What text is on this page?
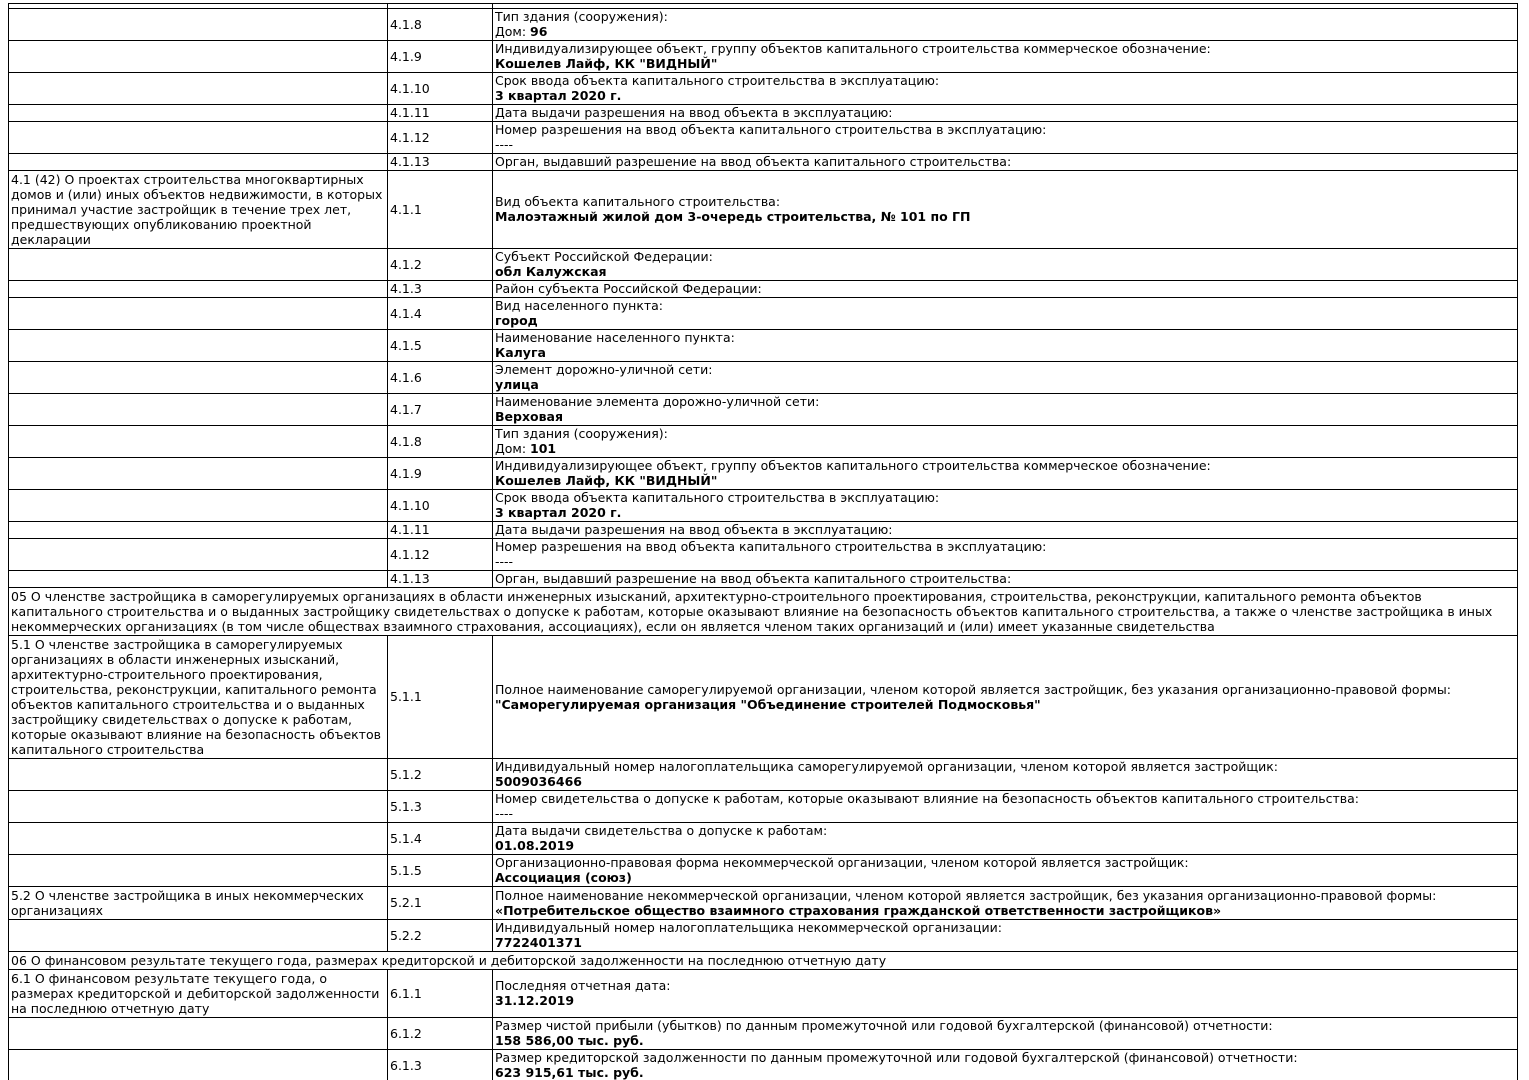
	4.1.8	Тип здания (сооружения):
Дом: 96

	4.1.9	Индивидуализирующее объект, группу объектов капитального строительства коммерческое обозначение:
Кошелев Лайф, КК "ВИДНЫЙ"

	4.1.10	Срок ввода объекта капитального строительства в эксплуатацию:
3 квартал 2020 г.

	4.1.11	Дата выдачи разрешения на ввод объекта в эксплуатацию:

	4.1.12	Номер разрешения на ввод объекта капитального строительства в эксплуатацию:
----

	4.1.13	Орган, выдавший разрешение на ввод объекта капитального строительства:

4.1 (42) О проектах строительства многоквартирных домов и (или) иных объектов недвижимости, в которых принимал участие застройщик в течение трех лет, предшествующих опубликованию проектной декларации	4.1.1	Вид объекта капитального строительства:
Малоэтажный жилой дом 3-очередь строительства, № 101 по ГП

	4.1.2	Субъект Российской Федерации:
обл Калужская

	4.1.3	Район субъекта Российской Федерации:

	4.1.4	Вид населенного пункта:
город

	4.1.5	Наименование населенного пункта:
Калуга

	4.1.6	Элемент дорожно-уличной сети:
улица

	4.1.7	Наименование элемента дорожно-уличной сети:
Верховая

	4.1.8	Тип здания (сооружения):
Дом: 101

	4.1.9	Индивидуализирующее объект, группу объектов капитального строительства коммерческое обозначение:
Кошелев Лайф, КК "ВИДНЫЙ"

	4.1.10	Срок ввода объекта капитального строительства в эксплуатацию:
3 квартал 2020 г.

	4.1.11	Дата выдачи разрешения на ввод объекта в эксплуатацию:

	4.1.12	Номер разрешения на ввод объекта капитального строительства в эксплуатацию:
----

	4.1.13	Орган, выдавший разрешение на ввод объекта капитального строительства:

05 О членстве застройщика в саморегулируемых организациях в области инженерных изысканий, архитектурно-строительного проектирования, строительства, реконструкции, капитального ремонта объектов капитального строительства и о выданных застройщику свидетельствах о допуске к работам, которые оказывают влияние на безопасность объектов капитального строительства, а также о членстве застройщика в иных некоммерческих организациях (в том числе обществах взаимного страхования, ассоциациях), если он является членом таких организаций и (или) имеет указанные свидетельства		
5.1 О членстве застройщика в саморегулируемых организациях в области инженерных изысканий, архитектурно-строительного проектирования, строительства, реконструкции, капитального ремонта объектов капитального строительства и о выданных застройщику свидетельствах о допуске к работам, которые оказывают влияние на безопасность объектов капитального строительства	5.1.1	Полное наименование саморегулируемой организации, членом которой является застройщик, без указания организационно-правовой формы:
"Саморегулируемая организация "Объединение строителей Подмосковья"

	5.1.2	Индивидуальный номер налогоплательщика саморегулируемой организации, членом которой является застройщик:
5009036466

	5.1.3	Номер свидетельства о допуске к работам, которые оказывают влияние на безопасность объектов капитального строительства:
----

	5.1.4	Дата выдачи свидетельства о допуске к работам:
01.08.2019

	5.1.5	Организационно-правовая форма некоммерческой организации, членом которой является застройщик:
Ассоциация (союз)

5.2 О членстве застройщика в иных некоммерческих организациях	5.2.1	Полное наименование некоммерческой организации, членом которой является застройщик, без указания организационно-правовой формы:
«Потребительское общество взаимного страхования гражданской ответственности застройщиков»

	5.2.2	Индивидуальный номер налогоплательщика некоммерческой организации:
7722401371

06 О финансовом результате текущего года, размерах кредиторской и дебиторской задолженности на последнюю отчетную дату		
6.1 О финансовом результате текущего года, о размерах кредиторской и дебиторской задолженности на последнюю отчетную дату	6.1.1	Последняя отчетная дата:
31.12.2019

	6.1.2	Размер чистой прибыли (убытков) по данным промежуточной или годовой бухгалтерской (финансовой) отчетности:
158 586,00 тыс. руб.

	6.1.3	Размер кредиторской задолженности по данным промежуточной или годовой бухгалтерской (финансовой) отчетности:
623 915,61 тыс. руб.
